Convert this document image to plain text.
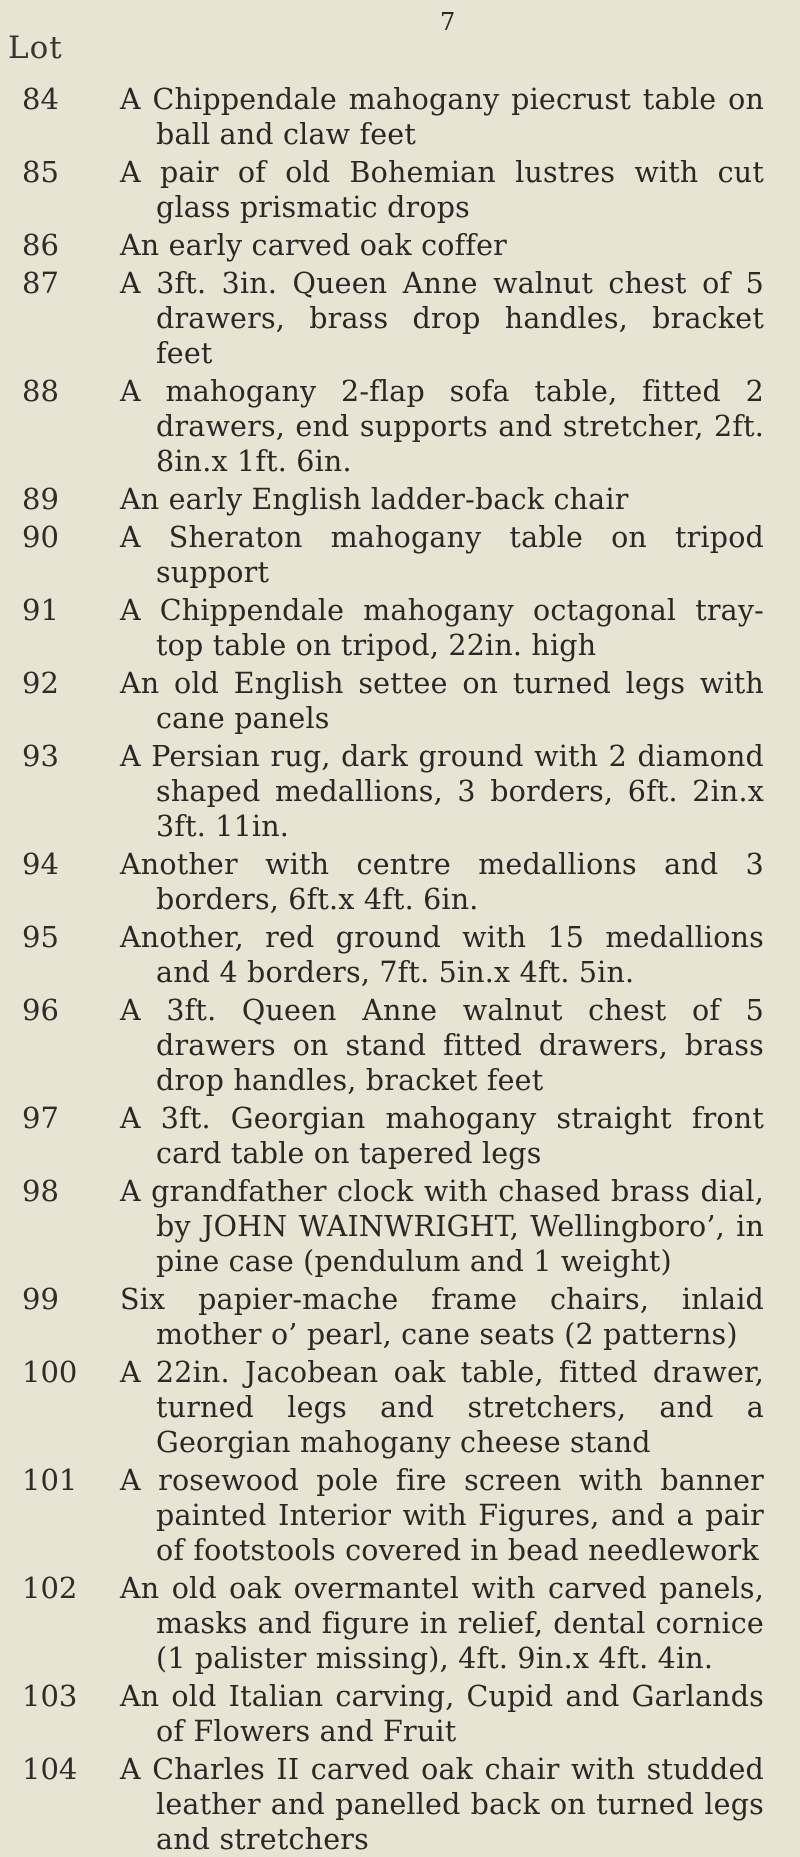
7
Lot
84	A Chippendale mahogany piecrust table on ball and claw feet
85	A pair of old Bohemian lustres with cut glass prismatic drops
86	An early carved oak coffer
87	A 3ft. 3in. Queen Anne walnut chest of 5 drawers, brass drop handles, bracket feet
88	A mahogany 2-flap sofa table, fitted 2 drawers, end supports and stretcher, 2ft. 8in.x 1ft. 6in.
89	An early English ladder-back chair
90	A Sheraton mahogany table on tripod support
91	A Chippendale mahogany octagonal tray-top table on tripod, 22in. high
92	An old English settee on turned legs with cane panels
93	A Persian rug, dark ground with 2 diamond shaped medallions, 3 borders, 6ft. 2in.x 3ft. 11in.
94	Another with centre medallions and 3 borders, 6ft.x 4ft. 6in.
95	Another, red ground with 15 medallions and 4 borders, 7ft. 5in.x 4ft. 5in.
96	A 3ft. Queen Anne walnut chest of 5 drawers on stand fitted drawers, brass drop handles, bracket feet
97	A 3ft. Georgian mahogany straight front card table on tapered legs
98	A grandfather clock with chased brass dial, by JOHN WAINWRIGHT, Wellingboro’, in pine case (pendulum and 1 weight)
99	Six papier-mache frame chairs, inlaid mother o’ pearl, cane seats (2 patterns)
100	A 22in. Jacobean oak table, fitted drawer, turned legs and stretchers, and a Georgian mahogany cheese stand
101	A rosewood pole fire screen with banner painted Interior with Figures, and a pair of footstools covered in bead needlework
102	An old oak overmantel with carved panels, masks and figure in relief, dental cornice (1 palister missing), 4ft. 9in.x 4ft. 4in.
103	An old Italian carving, Cupid and Garlands of Flowers and Fruit
104	A Charles II carved oak chair with studded leather and panelled back on turned legs and stretchers
